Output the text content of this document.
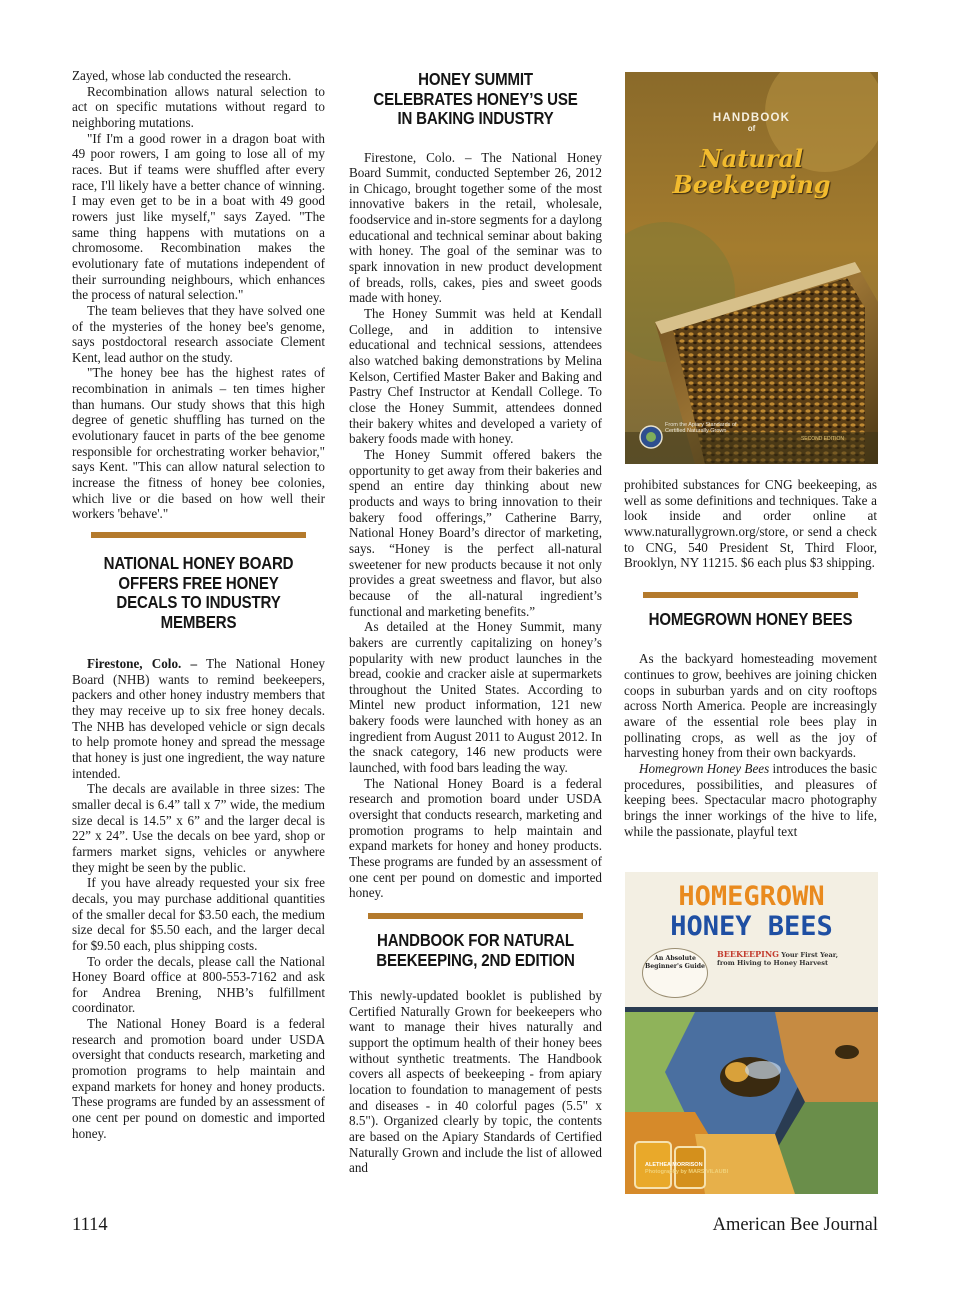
Zayed, whose lab conducted the research.

Recombination allows natural selection to act on specific mutations without regard to neighboring mutations.

"If I'm a good rower in a dragon boat with 49 poor rowers, I am going to lose all of my races. But if teams were shuffled after every race, I'll likely have a better chance of winning. I may even get to be in a boat with 49 good rowers just like myself," says Zayed. "The same thing happens with mutations on a chromosome. Recombination makes the evolutionary fate of mutations independent of their surrounding neighbours, which enhances the process of natural selection."

The team believes that they have solved one of the mysteries of the honey bee's genome, says postdoctoral research associate Clement Kent, lead author on the study.

"The honey bee has the highest rates of recombination in animals – ten times higher than humans. Our study shows that this high degree of genetic shuffling has turned on the evolutionary faucet in parts of the bee genome responsible for orchestrating worker behavior," says Kent. "This can allow natural selection to increase the fitness of honey bee colonies, which live or die based on how well their workers 'behave'."

NATIONAL HONEY BOARD OFFERS FREE HONEY DECALS TO INDUSTRY MEMBERS

Firestone, Colo. – The National Honey Board (NHB) wants to remind beekeepers, packers and other honey industry members that they may receive up to six free honey decals. The NHB has developed vehicle or sign decals to help promote honey and spread the message that honey is just one ingredient, the way nature intended.

The decals are available in three sizes: The smaller decal is 6.4” tall x 7” wide, the medium size decal is 14.5” x 6” and the larger decal is 22” x 24”. Use the decals on bee yard, shop or farmers market signs, vehicles or anywhere they might be seen by the public.

If you have already requested your six free decals, you may purchase additional quantities of the smaller decal for $3.50 each, the medium size decal for $5.50 each, and the larger decal for $9.50 each, plus shipping costs.

To order the decals, please call the National Honey Board office at 800-553-7162 and ask for Andrea Brening, NHB’s fulfillment coordinator.

The National Honey Board is a federal research and promotion board under USDA oversight that conducts research, marketing and promotion programs to help maintain and expand markets for honey and honey products. These programs are funded by an assessment of one cent per pound on domestic and imported honey.

HONEY SUMMIT CELEBRATES HONEY’S USE IN BAKING INDUSTRY

Firestone, Colo. – The National Honey Board Summit, conducted September 26, 2012 in Chicago, brought together some of the most innovative bakers in the retail, wholesale, foodservice and in-store segments for a daylong educational and technical seminar about baking with honey. The goal of the seminar was to spark innovation in new product development of breads, rolls, cakes, pies and sweet goods made with honey.

The Honey Summit was held at Kendall College, and in addition to intensive educational and technical sessions, attendees also watched baking demonstrations by Melina Kelson, Certified Master Baker and Baking and Pastry Chef Instructor at Kendall College. To close the Honey Summit, attendees donned their bakery whites and developed a variety of bakery foods made with honey.

The Honey Summit offered bakers the opportunity to get away from their bakeries and spend an entire day thinking about new products and ways to bring innovation to their bakery food offerings,” Catherine Barry, National Honey Board’s director of marketing, says. “Honey is the perfect all-natural sweetener for new products because it not only provides a great sweetness and flavor, but also because of the all-natural ingredient’s functional and marketing benefits.”

As detailed at the Honey Summit, many bakers are currently capitalizing on honey’s popularity with new product launches in the bread, cookie and cracker aisle at supermarkets throughout the United States. According to Mintel new product information, 121 new bakery foods were launched with honey as an ingredient from August 2011 to August 2012. In the snack category, 146 new products were launched, with food bars leading the way.

The National Honey Board is a federal research and promotion board under USDA oversight that conducts research, marketing and promotion programs to help maintain and expand markets for honey and honey products. These programs are funded by an assessment of one cent per pound on domestic and imported honey.

HANDBOOK FOR NATURAL BEEKEEPING, 2ND EDITION

This newly-updated booklet is published by Certified Naturally Grown for beekeepers who want to manage their hives naturally and support the optimum health of their honey bees without synthetic treatments. The Handbook covers all aspects of beekeeping - from apiary location to foundation to management of pests and diseases - in 40 colorful pages (5.5" x 8.5"). Organized clearly by topic, the contents are based on the Apiary Standards of Certified Naturally Grown and include the list of allowed and

prohibited substances for CNG beekeeping, as well as some definitions and techniques. Take a look inside and order online at www.naturallygrown.org/store, or send a check to CNG, 540 President St, Third Floor, Brooklyn, NY 11215. $6 each plus $3 shipping.

HOMEGROWN HONEY BEES

As the backyard homesteading movement continues to grow, beehives are joining chicken coops in suburban yards and on city rooftops across North America. People are increasingly aware of the essential role bees play in pollinating crops, as well as the joy of harvesting honey from their own backyards.

Homegrown Honey Bees introduces the basic procedures, possibilities, and pleasures of keeping bees. Spectacular macro photography brings the inner workings of the hive to life, while the passionate, playful text

HANDBOOK
of
Natural
Beekeeping
From the Apiary Standards of
Certified Naturally Grown
SECOND EDITION
HOMEGROWN
HONEY BEES
An Absolute Beginner's Guide
BEEKEEPING Your First Year,
from Hiving to Honey Harvest
ALETHEA MORRISON
Photography by MARS VILAUBI
1114	American Bee Journal
